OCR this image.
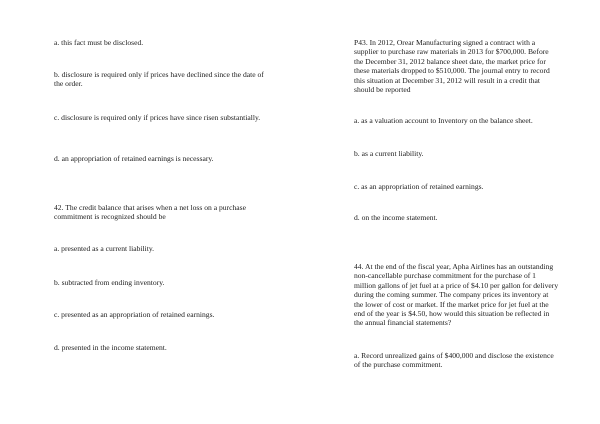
a. this fact must be disclosed.

b. disclosure is required only if prices have declined since the date of the order.

c. disclosure is required only if prices have since risen substantially.

d. an appropriation of retained earnings is necessary.

42. The credit balance that arises when a net loss on a purchase commitment is recognized should be

a. presented as a current liability.

b. subtracted from ending inventory.

c. presented as an appropriation of retained earnings.

d. presented in the income statement.

P43. In 2012, Orear Manufacturing signed a contract with a supplier to purchase raw materials in 2013 for $700,000. Before the December 31, 2012 balance sheet date, the market price for these materials dropped to $510,000. The journal entry to record this situation at December 31, 2012 will result in a credit that should be reported

a. as a valuation account to Inventory on the balance sheet.

b. as a current liability.

c. as an appropriation of retained earnings.

d. on the income statement.

44. At the end of the fiscal year, Apha Airlines has an outstanding non-cancellable purchase commitment for the purchase of 1 million gallons of jet fuel at a price of $4.10 per gallon for delivery during the coming summer. The company prices its inventory at the lower of cost or market. If the market price for jet fuel at the end of the year is $4.50, how would this situation be reflected in the annual financial statements?

a. Record unrealized gains of $400,000 and disclose the existence of the purchase commitment.
